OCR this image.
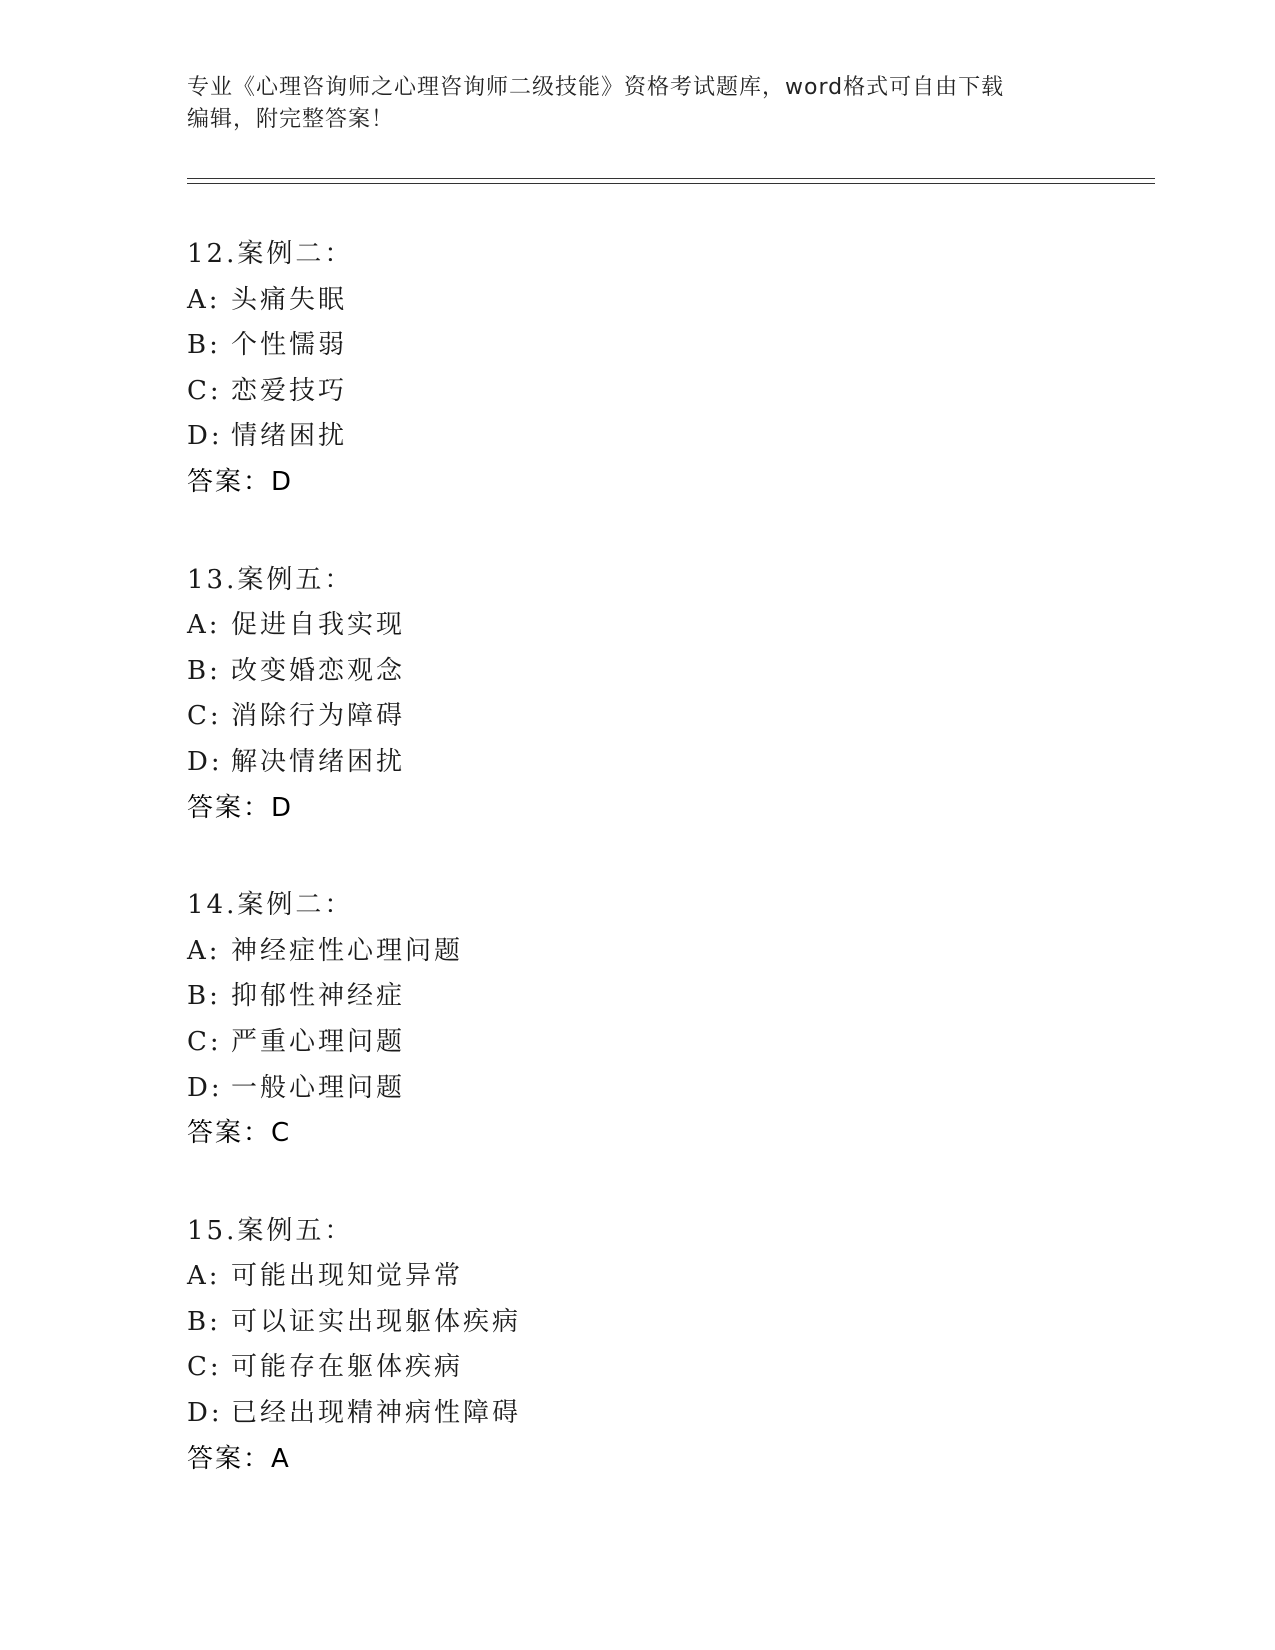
专业《心理咨询师之心理咨询师二级技能》资格考试题库，word格式可自由下载
编辑，附完整答案！
12.案例二：
A: 头痛失眠
B: 个性懦弱
C: 恋爱技巧
D: 情绪困扰
答案：D
13.案例五：
A: 促进自我实现
B: 改变婚恋观念
C: 消除行为障碍
D: 解决情绪困扰
答案：D
14.案例二：
A: 神经症性心理问题
B: 抑郁性神经症
C: 严重心理问题
D: 一般心理问题
答案：C
15.案例五：
A: 可能出现知觉异常
B: 可以证实出现躯体疾病
C: 可能存在躯体疾病
D: 已经出现精神病性障碍
答案：A
